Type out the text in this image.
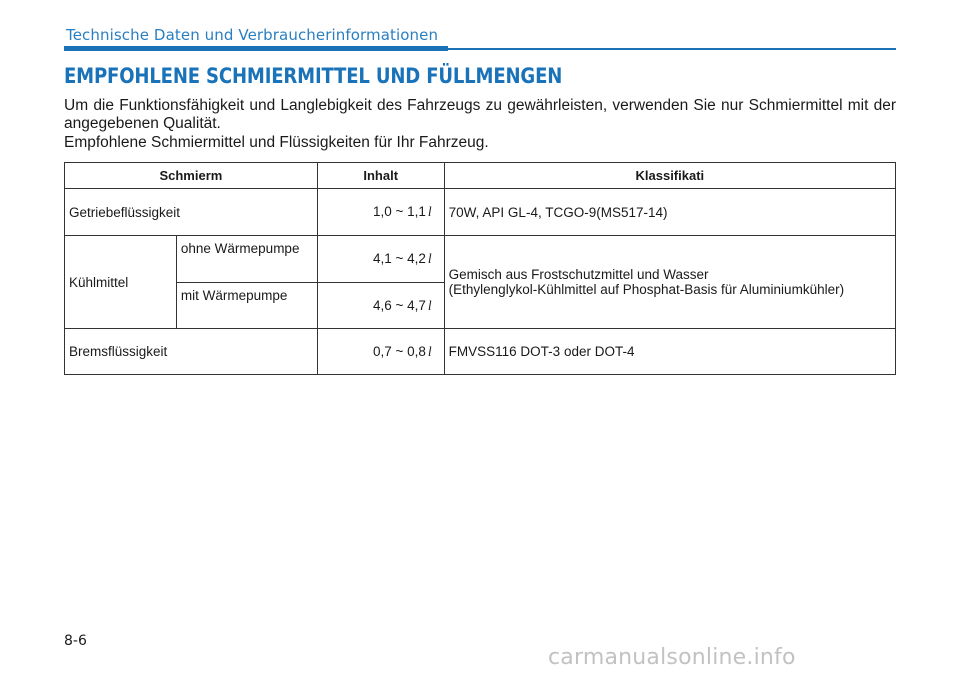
Technische Daten und Verbraucherinformationen
EMPFOHLENE SCHMIERMITTEL UND FÜLLMENGEN

Um die Funktionsfähigkeit und Langlebigkeit des Fahrzeugs zu gewährleisten, verwenden Sie nur Schmiermittel mit der angegebenen Qualität.

Empfohlene Schmiermittel und Flüssigkeiten für Ihr Fahrzeug.

Schmierm		Inhalt	Klassifikati
Getriebeflüssigkeit		1,0 ~ 1,1 l	70W, API GL-4, TCGO-9(MS517-14)
Kühlmittel	ohne Wärmepumpe	4,1 ~ 4,2 l	Gemisch aus Frostschutzmittel und Wasser
(Ethylenglykol-Kühlmittel auf Phosphat-Basis für Aluminiumkühler)

	mit Wärmepumpe	4,6 ~ 4,7 l	
Bremsflüssigkeit		0,7 ~ 0,8 l	FMVSS116 DOT-3 oder DOT-4
8-6
carmanualsonline.info
